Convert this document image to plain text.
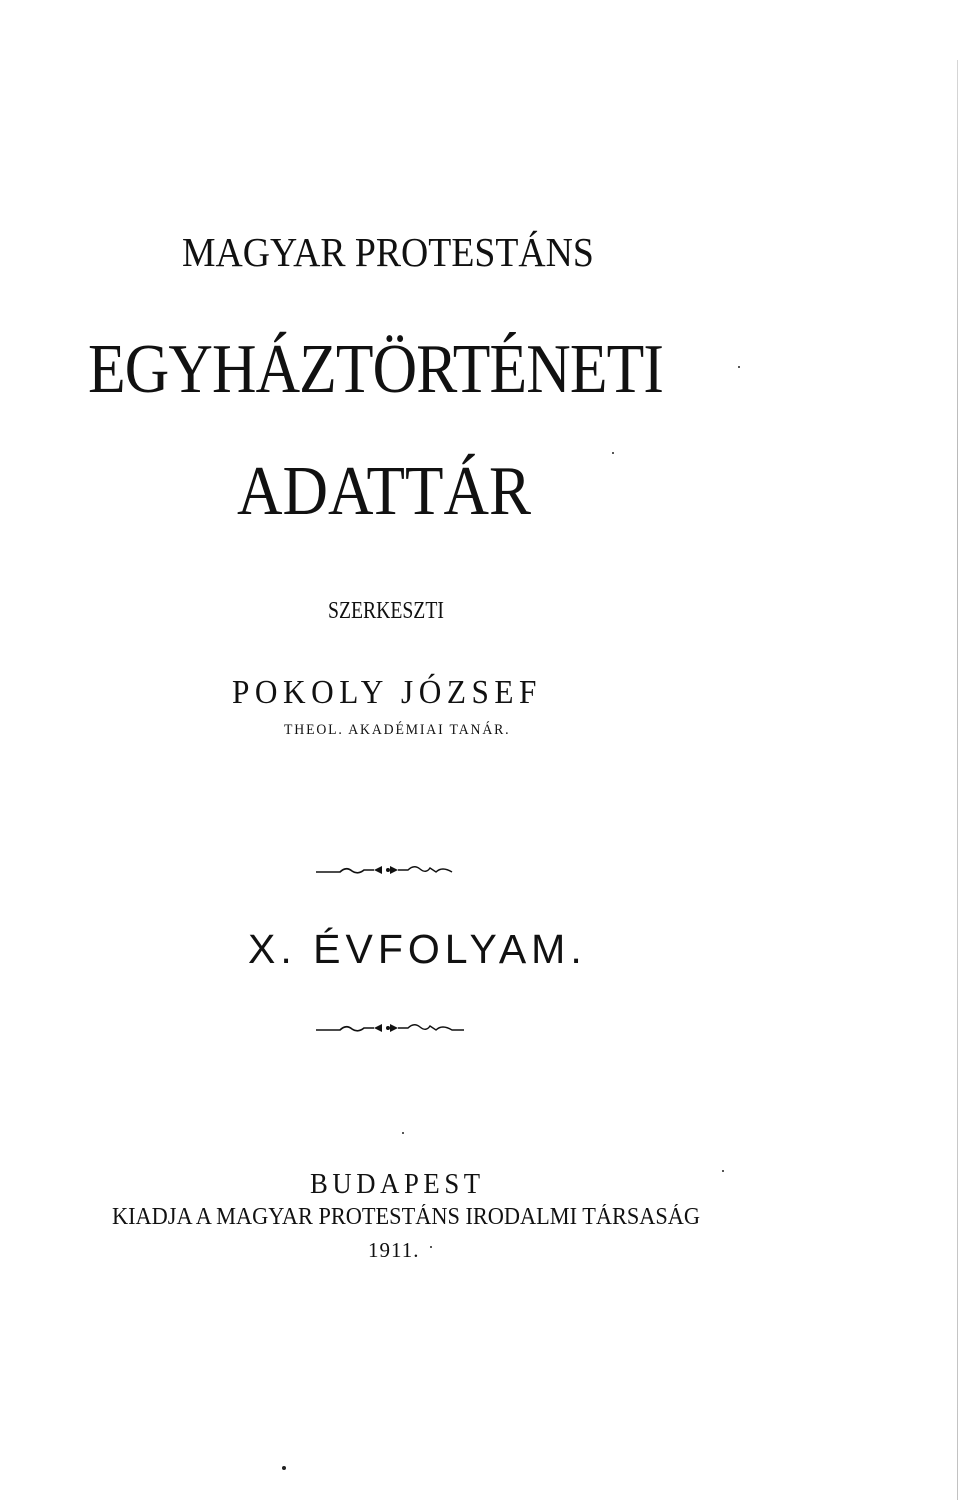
MAGYAR PROTESTÁNS
EGYHÁZTÖRTÉNETI
ADATTÁR
SZERKESZTI
POKOLY JÓZSEF
THEOL. AKADÉMIAI TANÁR.
X. ÉVFOLYAM.
BUDAPEST
KIADJA A MAGYAR PROTESTÁNS IRODALMI TÁRSASÁG
1911.
